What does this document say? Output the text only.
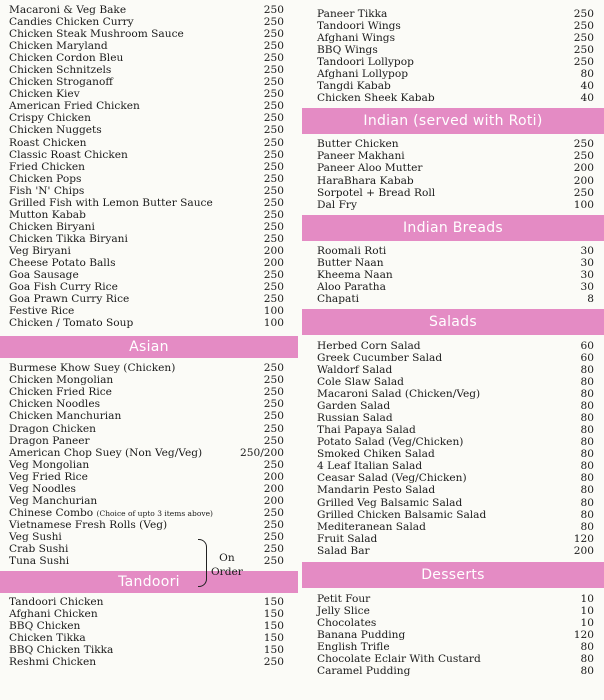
Macaroni & Veg Bake	250
Candies Chicken Curry	250
Chicken Steak Mushroom Sauce	250
Chicken Maryland	250
Chicken Cordon Bleu	250
Chicken Schnitzels	250
Chicken Stroganoff	250
Chicken Kiev	250
American Fried Chicken	250
Crispy Chicken	250
Chicken Nuggets	250
Roast Chicken	250
Classic Roast Chicken	250
Fried Chicken	250
Chicken Pops	250
Fish 'N' Chips	250
Grilled Fish with Lemon Butter Sauce	250
Mutton Kabab	250
Chicken Biryani	250
Chicken Tikka Biryani	250
Veg Biryani	200
Cheese Potato Balls	200
Goa Sausage	250
Goa Fish Curry Rice	250
Goa Prawn Curry Rice	250
Festive Rice	100
Chicken / Tomato Soup	100
Asian
Burmese Khow Suey (Chicken)	250
Chicken Mongolian	250
Chicken Fried Rice	250
Chicken Noodles	250
Chicken Manchurian	250
Dragon Chicken	250
Dragon Paneer	250
American Chop Suey (Non Veg/Veg)	250/200
Veg Mongolian	250
Veg Fried Rice	200
Veg Noodles	200
Veg Manchurian	200
Chinese Combo (Choice of upto 3 items above)	250
Vietnamese Fresh Rolls (Veg)	250
Veg Sushi	250
Crab Sushi	250
Tuna Sushi	250
Tandoori
Tandoori Chicken	150
Afghani Chicken	150
BBQ Chicken	150
Chicken Tikka	150
BBQ Chicken Tikka	150
Reshmi Chicken	250
On
Order
Paneer Tikka	250
Tandoori Wings	250
Afghani Wings	250
BBQ Wings	250
Tandoori Lollypop	250
Afghani Lollypop	80
Tangdi Kabab	40
Chicken Sheek Kabab	40
Indian (served with Roti)
Butter Chicken	250
Paneer Makhani	250
Paneer Aloo Mutter	200
HaraBhara Kabab	200
Sorpotel + Bread Roll	250
Dal Fry	100
Indian Breads
Roomali Roti	30
Butter Naan	30
Kheema Naan	30
Aloo Paratha	30
Chapati	8
Salads
Herbed Corn Salad	60
Greek Cucumber Salad	60
Waldorf Salad	80
Cole Slaw Salad	80
Macaroni Salad (Chicken/Veg)	80
Garden Salad	80
Russian Salad	80
Thai Papaya Salad	80
Potato Salad (Veg/Chicken)	80
Smoked Chiken Salad	80
4 Leaf Italian Salad	80
Ceasar Salad (Veg/Chicken)	80
Mandarin Pesto Salad	80
Grilled Veg Balsamic Salad	80
Grilled Chicken Balsamic Salad	80
Mediteranean Salad	80
Fruit Salad	120
Salad Bar	200
Desserts
Petit Four	10
Jelly Slice	10
Chocolates	10
Banana Pudding	120
English Trifle	80
Chocolate Eclair With Custard	80
Caramel Pudding	80
